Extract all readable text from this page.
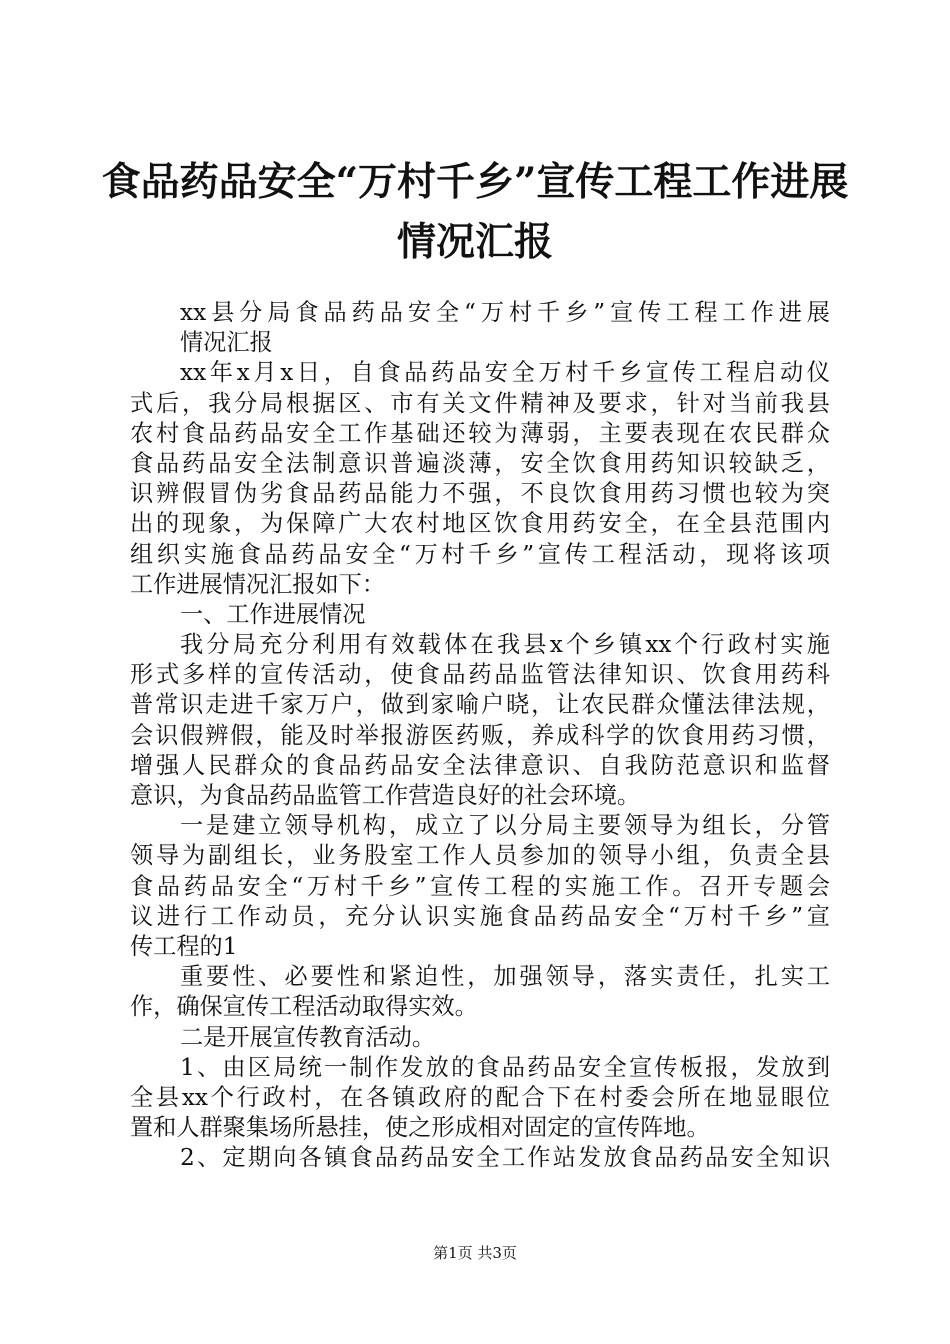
食品药品安全“万村千乡”宣传工程工作进展
情况汇报
xx县分局食品药品安全“万村千乡”宣传工程工作进展
情况汇报
xx年x月x日，自食品药品安全万村千乡宣传工程启动仪
式后，我分局根据区、市有关文件精神及要求，针对当前我县
农村食品药品安全工作基础还较为薄弱，主要表现在农民群众
食品药品安全法制意识普遍淡薄，安全饮食用药知识较缺乏，
识辨假冒伪劣食品药品能力不强，不良饮食用药习惯也较为突
出的现象，为保障广大农村地区饮食用药安全，在全县范围内
组织实施食品药品安全“万村千乡”宣传工程活动，现将该项
工作进展情况汇报如下：
一、工作进展情况
我分局充分利用有效载体在我县x个乡镇xx个行政村实施
形式多样的宣传活动，使食品药品监管法律知识、饮食用药科
普常识走进千家万户，做到家喻户晓，让农民群众懂法律法规，
会识假辨假，能及时举报游医药贩，养成科学的饮食用药习惯，
增强人民群众的食品药品安全法律意识、自我防范意识和监督
意识，为食品药品监管工作营造良好的社会环境。
一是建立领导机构，成立了以分局主要领导为组长，分管
领导为副组长，业务股室工作人员参加的领导小组，负责全县
食品药品安全“万村千乡”宣传工程的实施工作。召开专题会
议进行工作动员，充分认识实施食品药品安全“万村千乡”宣
传工程的1
重要性、必要性和紧迫性，加强领导，落实责任，扎实工
作，确保宣传工程活动取得实效。
二是开展宣传教育活动。
1、由区局统一制作发放的食品药品安全宣传板报，发放到
全县xx个行政村，在各镇政府的配合下在村委会所在地显眼位
置和人群聚集场所悬挂，使之形成相对固定的宣传阵地。
2、定期向各镇食品药品安全工作站发放食品药品安全知识
第1页 共3页
